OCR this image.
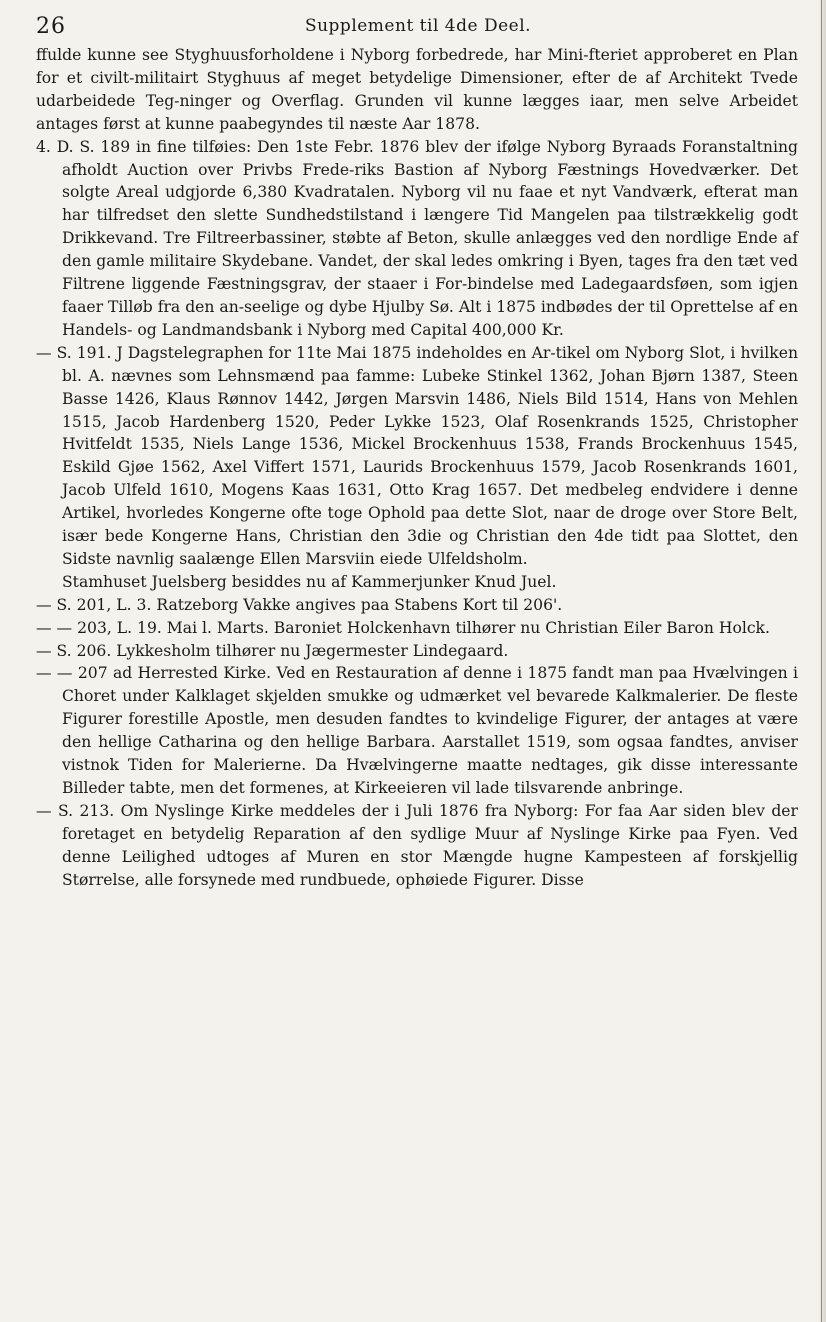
26	Supplement til 4de Deel.

ffulde kunne see Styghuusforholdene i Nyborg forbedrede, har Mini-fteriet approberet en Plan for et civilt-militairt Styghuus af meget betydelige Dimensioner, efter de af Architekt Tvede udarbeidede Teg-ninger og Overflag. Grunden vil kunne lægges iaar, men selve Arbeidet antages først at kunne paabegyndes til næste Aar 1878.

4. D. S. 189 in fine tilføies: Den 1ste Febr. 1876 blev der ifølge Nyborg Byraads Foranstaltning afholdt Auction over Privbs Frede-riks Bastion af Nyborg Fæstnings Hovedværker. Det solgte Areal udgjorde 6,380 Kvadratalen. Nyborg vil nu faae et nyt Vandværk, efterat man har tilfredset den slette Sundhedstilstand i længere Tid Mangelen paa tilstrækkelig godt Drikkevand. Tre Filtreerbassiner, støbte af Beton, skulle anlægges ved den nordlige Ende af den gamle militaire Skydebane. Vandet, der skal ledes omkring i Byen, tages fra den tæt ved Filtrene liggende Fæstningsgrav, der staaer i For-bindelse med Ladegaardsføen, som igjen faaer Tilløb fra den an-seelige og dybe Hjulby Sø. Alt i 1875 indbødes der til Oprettelse af en Handels- og Landmandsbank i Nyborg med Capital 400,000 Kr.

— S. 191. J Dagstelegraphen for 11te Mai 1875 indeholdes en Ar-tikel om Nyborg Slot, i hvilken bl. A. nævnes som Lehnsmænd paa famme: Lubeke Stinkel 1362, Johan Bjørn 1387, Steen Basse 1426, Klaus Rønnov 1442, Jørgen Marsvin 1486, Niels Bild 1514, Hans von Mehlen 1515, Jacob Hardenberg 1520, Peder Lykke 1523, Olaf Rosenkrands 1525, Christopher Hvitfeldt 1535, Niels Lange 1536, Mickel Brockenhuus 1538, Frands Brockenhuus 1545, Eskild Gjøe 1562, Axel Viffert 1571, Laurids Brockenhuus 1579, Jacob Rosenkrands 1601, Jacob Ulfeld 1610, Mogens Kaas 1631, Otto Krag 1657. Det medbeleg endvidere i denne Artikel, hvorledes Kongerne ofte toge Ophold paa dette Slot, naar de droge over Store Belt, især bede Kongerne Hans, Christian den 3die og Christian den 4de tidt paa Slottet, den Sidste navnlig saalænge Ellen Marsviin eiede Ulfeldsholm.

Stamhuset Juelsberg besiddes nu af Kammerjunker Knud Juel.

— S. 201, L. 3. Ratzeborg Vakke angives paa Stabens Kort til 206'.

— — 203, L. 19. Mai l. Marts. Baroniet Holckenhavn tilhører nu Christian Eiler Baron Holck.

— S. 206. Lykkesholm tilhører nu Jægermester Lindegaard.

— — 207 ad Herrested Kirke. Ved en Restauration af denne i 1875 fandt man paa Hvælvingen i Choret under Kalklaget skjelden smukke og udmærket vel bevarede Kalkmalerier. De fleste Figurer forestille Apostle, men desuden fandtes to kvindelige Figurer, der antages at være den hellige Catharina og den hellige Barbara. Aarstallet 1519, som ogsaa fandtes, anviser vistnok Tiden for Malerierne. Da Hvælvingerne maatte nedtages, gik disse interessante Billeder tabte, men det formenes, at Kirkeeieren vil lade tilsvarende anbringe.

— S. 213. Om Nyslinge Kirke meddeles der i Juli 1876 fra Nyborg: For faa Aar siden blev der foretaget en betydelig Reparation af den sydlige Muur af Nyslinge Kirke paa Fyen. Ved denne Leilighed udtoges af Muren en stor Mængde hugne Kampesteen af forskjellig Størrelse, alle forsynede med rundbuede, ophøiede Figurer. Disse
